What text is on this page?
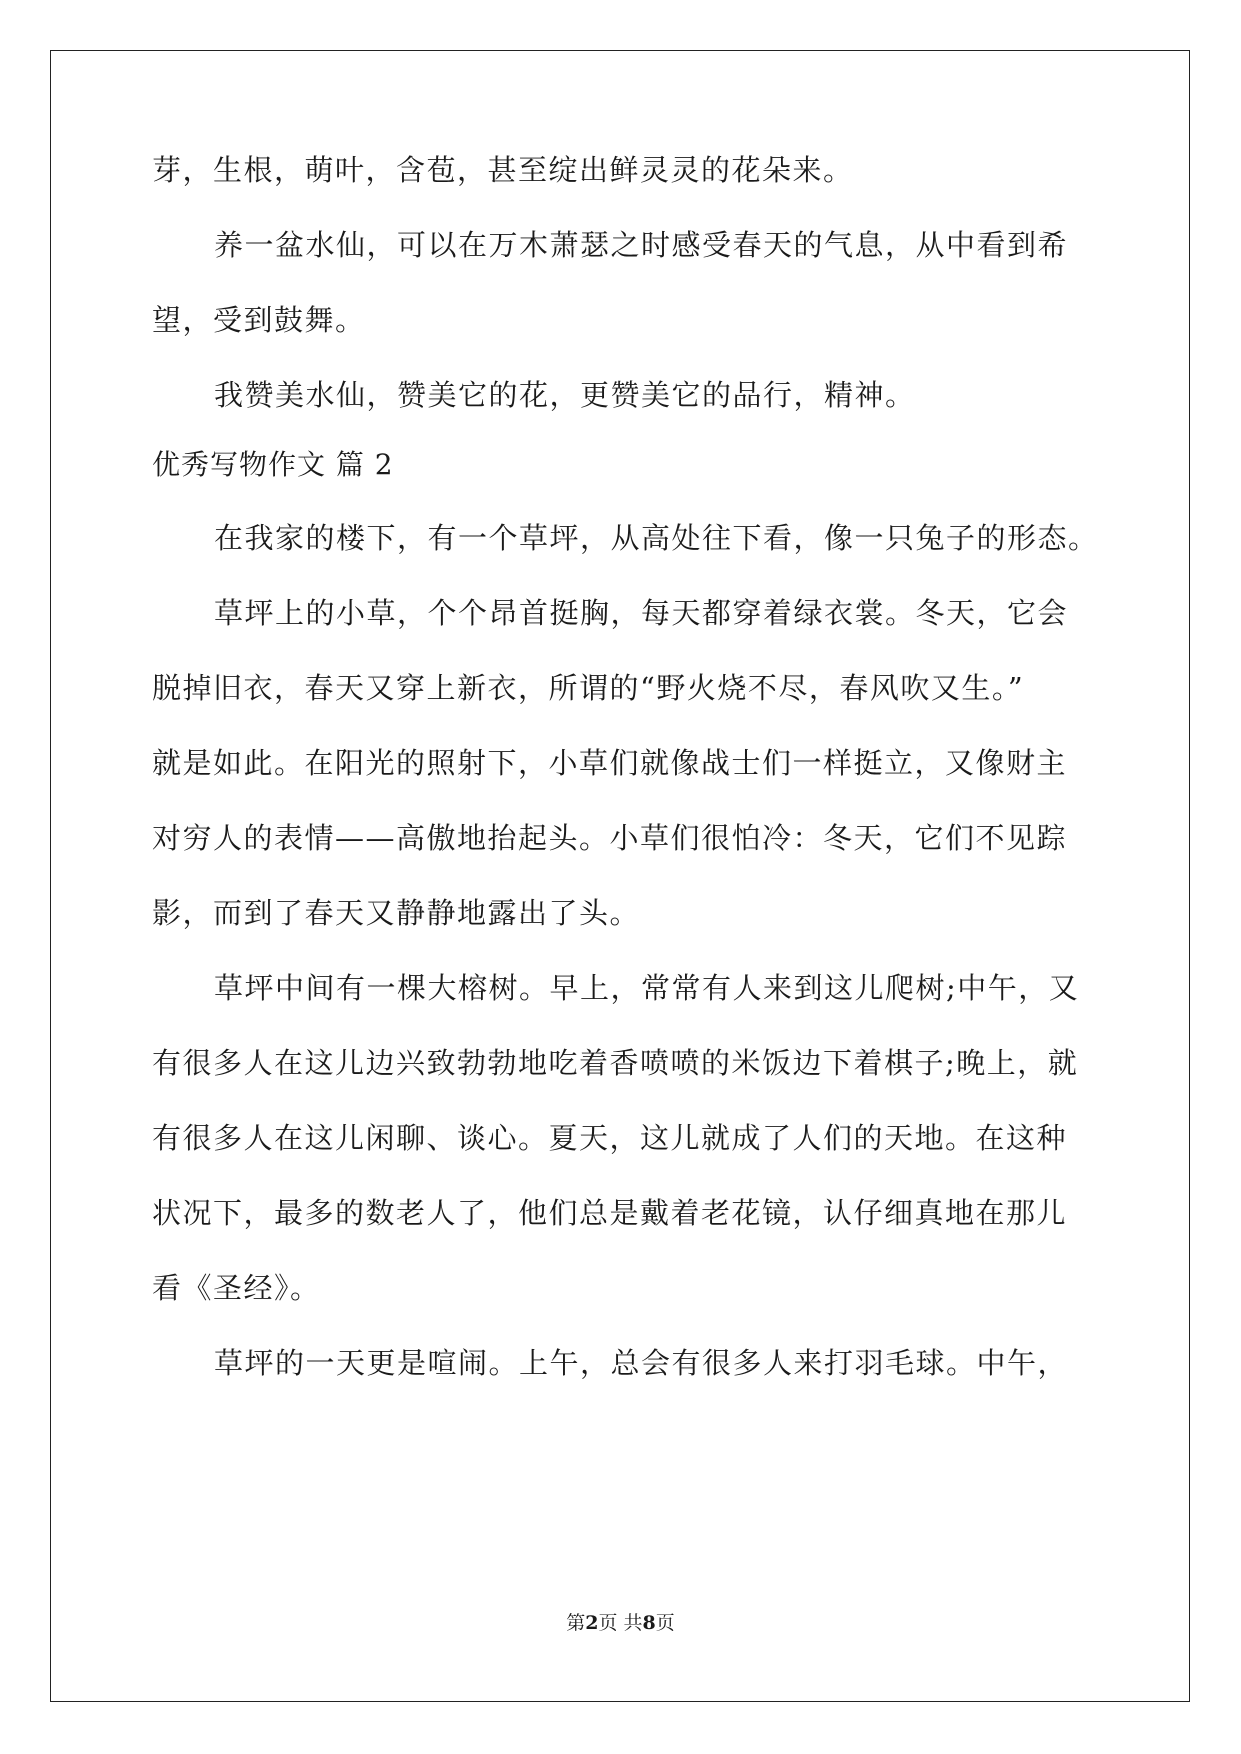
芽，生根，萌叶，含苞，甚至绽出鲜灵灵的花朵来。
养一盆水仙，可以在万木萧瑟之时感受春天的气息，从中看到希
望，受到鼓舞。
我赞美水仙，赞美它的花，更赞美它的品行，精神。
优秀写物作文 篇 2
在我家的楼下，有一个草坪，从高处往下看，像一只兔子的形态。
草坪上的小草，个个昂首挺胸，每天都穿着绿衣裳。冬天，它会
脱掉旧衣，春天又穿上新衣，所谓的“野火烧不尽，春风吹又生。”
就是如此。在阳光的照射下，小草们就像战士们一样挺立，又像财主
对穷人的表情——高傲地抬起头。小草们很怕冷：冬天，它们不见踪
影，而到了春天又静静地露出了头。
草坪中间有一棵大榕树。早上，常常有人来到这儿爬树;中午，又
有很多人在这儿边兴致勃勃地吃着香喷喷的米饭边下着棋子;晚上，就
有很多人在这儿闲聊、谈心。夏天，这儿就成了人们的天地。在这种
状况下，最多的数老人了，他们总是戴着老花镜，认仔细真地在那儿
看《圣经》。
草坪的一天更是喧闹。上午，总会有很多人来打羽毛球。中午，
第2页 共8页
